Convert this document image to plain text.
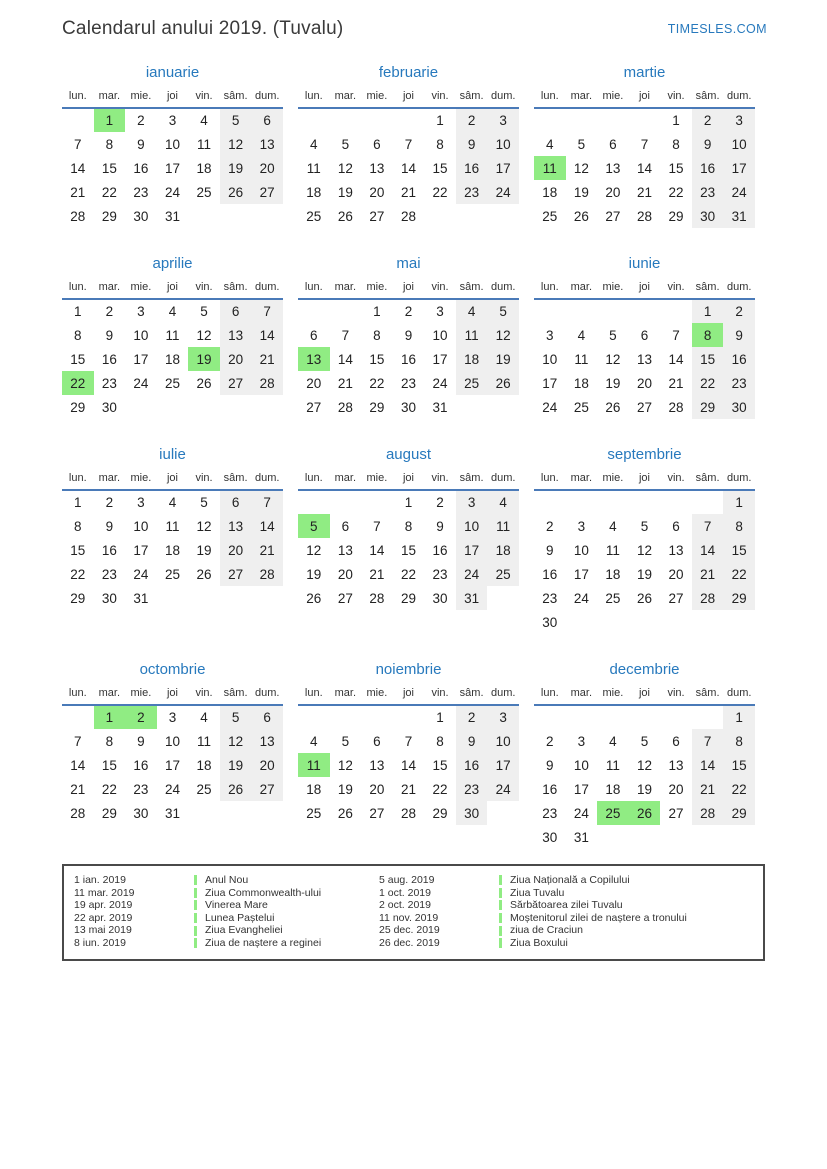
Calendarul anului 2019. (Tuvalu)	TIMESLES.COM
ianuarie
lun.	mar.	mie.	joi	vin.	sâm.	dum.
	1	2	3	4	5	6
7	8	9	10	11	12	13
14	15	16	17	18	19	20
21	22	23	24	25	26	27
28	29	30	31			
februarie
lun.	mar.	mie.	joi	vin.	sâm.	dum.
				1	2	3
4	5	6	7	8	9	10
11	12	13	14	15	16	17
18	19	20	21	22	23	24
25	26	27	28			
martie
lun.	mar.	mie.	joi	vin.	sâm.	dum.
				1	2	3
4	5	6	7	8	9	10
11	12	13	14	15	16	17
18	19	20	21	22	23	24
25	26	27	28	29	30	31
aprilie
lun.	mar.	mie.	joi	vin.	sâm.	dum.
1	2	3	4	5	6	7
8	9	10	11	12	13	14
15	16	17	18	19	20	21
22	23	24	25	26	27	28
29	30					
mai
lun.	mar.	mie.	joi	vin.	sâm.	dum.
		1	2	3	4	5
6	7	8	9	10	11	12
13	14	15	16	17	18	19
20	21	22	23	24	25	26
27	28	29	30	31		
iunie
lun.	mar.	mie.	joi	vin.	sâm.	dum.
					1	2
3	4	5	6	7	8	9
10	11	12	13	14	15	16
17	18	19	20	21	22	23
24	25	26	27	28	29	30
iulie
lun.	mar.	mie.	joi	vin.	sâm.	dum.
1	2	3	4	5	6	7
8	9	10	11	12	13	14
15	16	17	18	19	20	21
22	23	24	25	26	27	28
29	30	31				
august
lun.	mar.	mie.	joi	vin.	sâm.	dum.
			1	2	3	4
5	6	7	8	9	10	11
12	13	14	15	16	17	18
19	20	21	22	23	24	25
26	27	28	29	30	31	
septembrie
lun.	mar.	mie.	joi	vin.	sâm.	dum.
						1
2	3	4	5	6	7	8
9	10	11	12	13	14	15
16	17	18	19	20	21	22
23	24	25	26	27	28	29
30						
octombrie
lun.	mar.	mie.	joi	vin.	sâm.	dum.
	1	2	3	4	5	6
7	8	9	10	11	12	13
14	15	16	17	18	19	20
21	22	23	24	25	26	27
28	29	30	31			
noiembrie
lun.	mar.	mie.	joi	vin.	sâm.	dum.
				1	2	3
4	5	6	7	8	9	10
11	12	13	14	15	16	17
18	19	20	21	22	23	24
25	26	27	28	29	30	
decembrie
lun.	mar.	mie.	joi	vin.	sâm.	dum.
						1
2	3	4	5	6	7	8
9	10	11	12	13	14	15
16	17	18	19	20	21	22
23	24	25	26	27	28	29
30	31					
1 ian. 2019	Anul Nou
11 mar. 2019	Ziua Commonwealth-ului
19 apr. 2019	Vinerea Mare
22 apr. 2019	Lunea Paștelui
13 mai 2019	Ziua Evangheliei
8 iun. 2019	Ziua de naștere a reginei
5 aug. 2019	Ziua Națională a Copilului
1 oct. 2019	Ziua Tuvalu
2 oct. 2019	Sărbătoarea zilei Tuvalu
11 nov. 2019	Moștenitorul zilei de naștere a tronului
25 dec. 2019	ziua de Craciun
26 dec. 2019	Ziua Boxului
